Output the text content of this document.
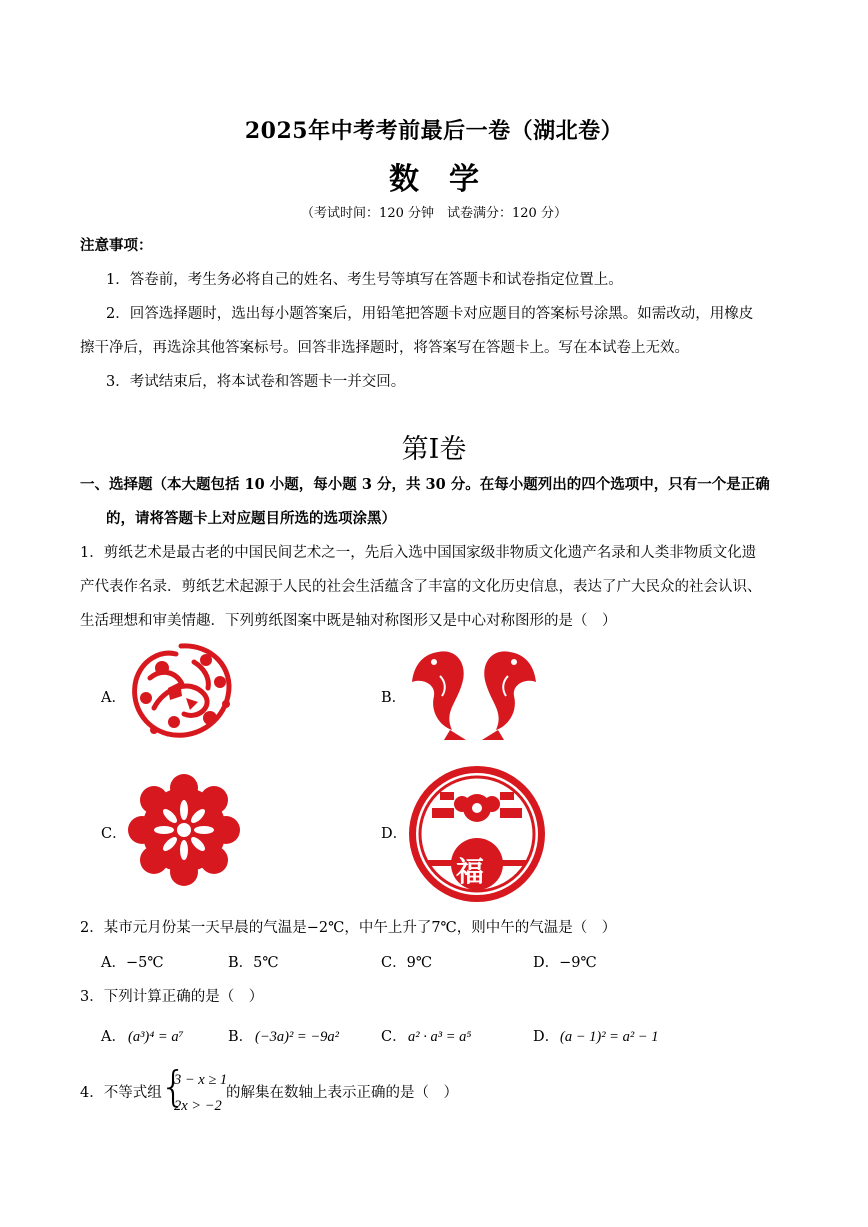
2025年中考考前最后一卷（湖北卷）
数学
（考试时间：120 分钟　试卷满分：120 分）
注意事项：
1．答卷前，考生务必将自己的姓名、考生号等填写在答题卡和试卷指定位置上。
2．回答选择题时，选出每小题答案后，用铅笔把答题卡对应题目的答案标号涂黑。如需改动，用橡皮
擦干净后，再选涂其他答案标号。回答非选择题时，将答案写在答题卡上。写在本试卷上无效。
3．考试结束后，将本试卷和答题卡一并交回。
第I卷
一、选择题（本大题包括 10 小题，每小题 3 分，共 30 分。在每小题列出的四个选项中，只有一个是正确
的，请将答题卡上对应题目所选的选项涂黑）
1．剪纸艺术是最古老的中国民间艺术之一，先后入选中国国家级非物质文化遗产名录和人类非物质文化遗
产代表作名录．剪纸艺术起源于人民的社会生活蕴含了丰富的文化历史信息，表达了广大民众的社会认识、
生活理想和审美情趣．下列剪纸图案中既是轴对称图形又是中心对称图形的是（　）
A．	B．
C．	D．
福
2．某市元月份某一天早晨的气温是−2℃，中午上升了7℃，则中午的气温是（　）
A．−5℃	B．5℃	C．9℃	D．−9℃
3．下列计算正确的是（　）
A． (a³)⁴ = a⁷	B． (−3a)² = −9a²	C． a² · a³ = a⁵	D． (a − 1)² = a² − 1
4．不等式组
{
3 − x ≥ 1
2x > −2
的解集在数轴上表示正确的是（　）
